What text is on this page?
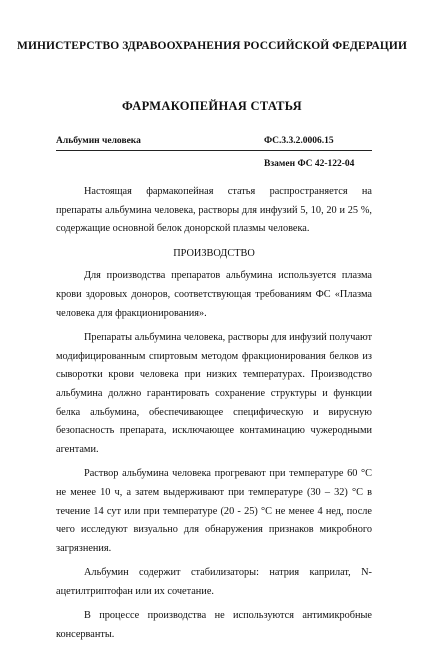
МИНИСТЕРСТВО ЗДРАВООХРАНЕНИЯ РОССИЙСКОЙ ФЕДЕРАЦИИ
ФАРМАКОПЕЙНАЯ СТАТЬЯ
Альбумин человека	ФС.3.3.2.0006.15
Взамен ФС 42-122-04

Настоящая фармакопейная статья распространяется на препараты альбумина человека, растворы для инфузий 5, 10, 20 и 25 %, содержащие основной белок донорской плазмы человека.

ПРОИЗВОДСТВО

Для производства препаратов альбумина используется плазма крови здоровых доноров, соответствующая требованиям ФС «Плазма человека для фракционирования».

Препараты альбумина человека, растворы для инфузий получают модифицированным спиртовым методом фракционирования белков из сыворотки крови человека при низких температурах. Производство альбумина должно гарантировать сохранение структуры и функции белка альбумина, обеспечивающее специфическую и вирусную безопасность препарата, исключающее контаминацию чужеродными агентами.

Раствор альбумина человека прогревают при температуре 60 °С не менее 10 ч, а затем выдерживают при температуре (30 – 32) °С в течение 14 сут или при температуре (20 - 25) °С не менее 4 нед, после чего исследуют визуально для обнаружения признаков микробного загрязнения.

Альбумин содержит стабилизаторы: натрия каприлат, N-ацетилтриптофан или их сочетание.

В процессе производства не используются антимикробные консерванты.
